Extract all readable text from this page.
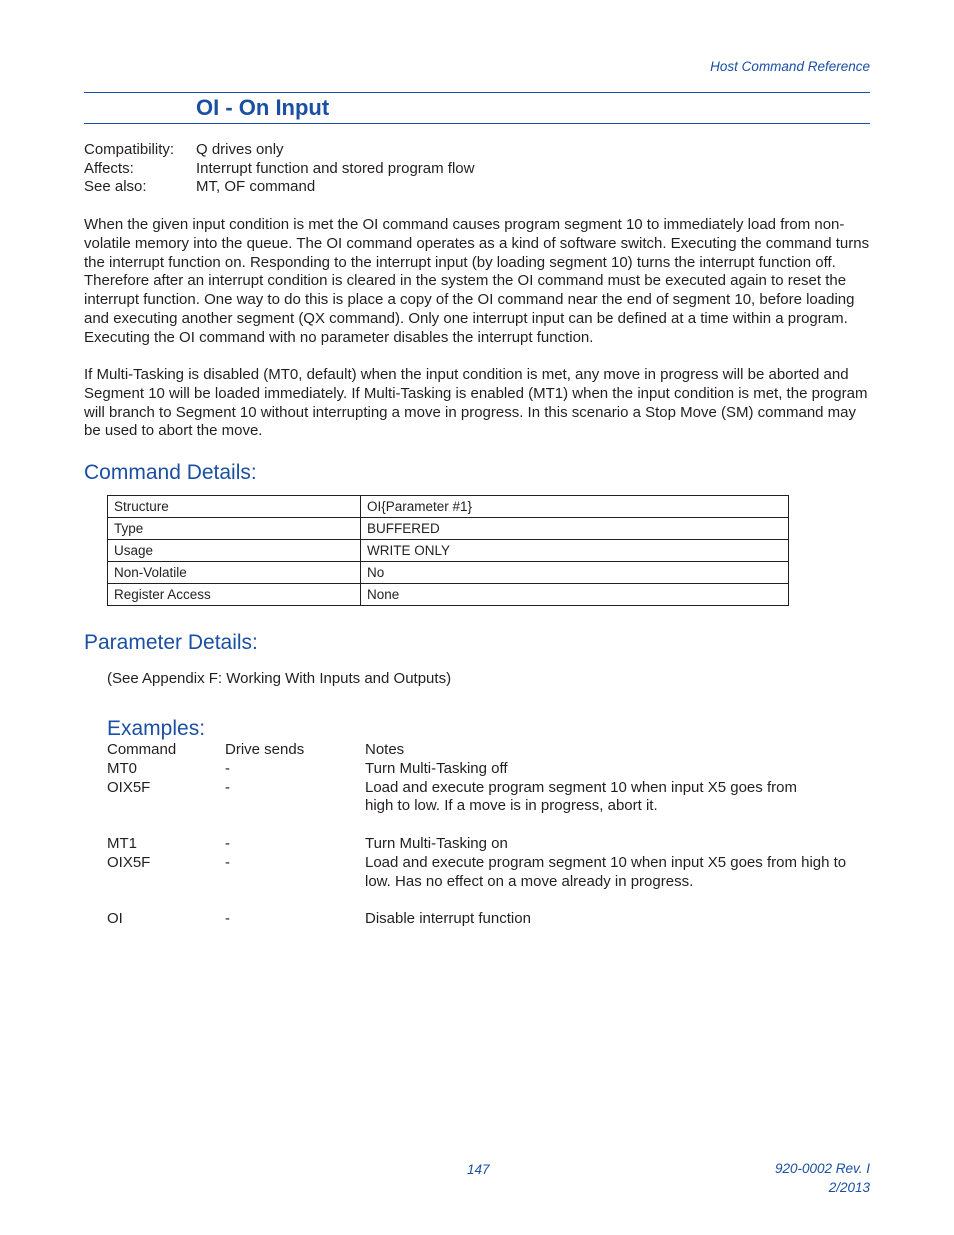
Host Command Reference
OI - On Input
Compatibility:	Q drives only
Affects:	Interrupt function and stored program flow
See also:	MT, OF command

When the given input condition is met the OI command causes program segment 10 to immediately load from non-volatile memory into the queue. The OI command operates as a kind of software switch. Executing the command turns the interrupt function on. Responding to the interrupt input (by loading segment 10) turns the interrupt function off. Therefore after an interrupt condition is cleared in the system the OI command must be executed again to reset the interrupt function. One way to do this is place a copy of the OI command near the end of segment 10, before loading and executing another segment (QX command). Only one interrupt input can be defined at a time within a program. Executing the OI command with no parameter disables the interrupt function.

If Multi-Tasking is disabled (MT0, default) when the input condition is met, any move in progress will be aborted and Segment 10 will be loaded immediately. If Multi-Tasking is enabled (MT1) when the input condition is met, the program will branch to Segment 10 without interrupting a move in progress. In this scenario a Stop Move (SM) command may be used to abort the move.

Command Details:
Structure	OI{Parameter #1}
Type	BUFFERED
Usage	WRITE ONLY
Non-Volatile	No
Register Access	None
Parameter Details:
(See Appendix F: Working With Inputs and Outputs)
Examples:
Command	Drive sends	Notes
MT0	-	Turn Multi-Tasking off
OIX5F	-	Load and execute program segment 10 when input X5 goes from high to low. If a move is in progress, abort it.
MT1	-	Turn Multi-Tasking on
OIX5F	-	Load and execute program segment 10 when input X5 goes from high to low. Has no effect on a move already in progress.
OI	-	Disable interrupt function
147	920-0002 Rev. I
2/2013
